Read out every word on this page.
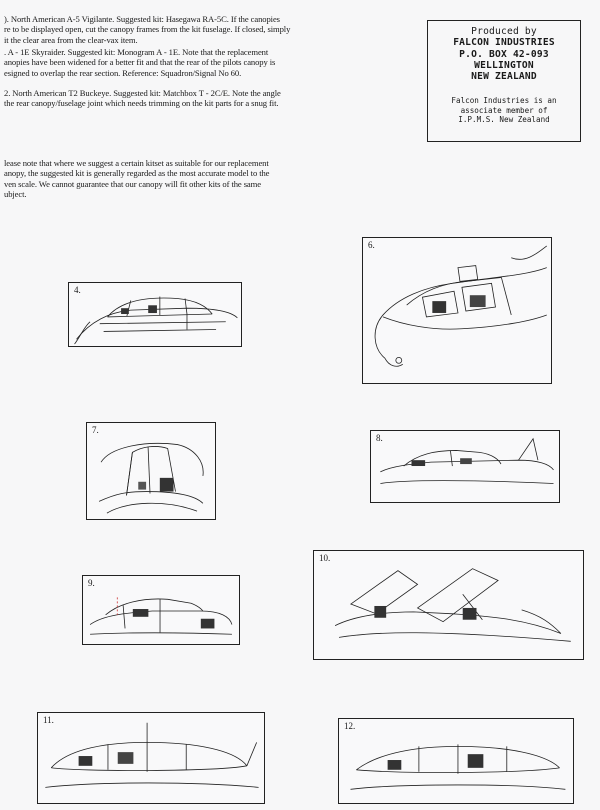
). North American A-5 Vigilante. Suggested kit: Hasegawa RA-5C. If the canopies
re to be displayed open, cut the canopy frames from the kit fuselage. If closed, simply
it the clear area from the clear-vax item.
. A - 1E Skyraider. Suggested kit: Monogram A - 1E. Note that the replacement
anopies have been widened for a better fit and that the rear of the pilots canopy is
esigned to overlap the rear section. Reference: Squadron/Signal No 60.
2. North American T2 Buckeye. Suggested kit: Matchbox T - 2C/E. Note the angle
the rear canopy/fuselage joint which needs trimming on the kit parts for a snug fit.
lease note that where we suggest a certain kitset as suitable for our replacement
anopy, the suggested kit is generally regarded as the most accurate model to the
ven scale. We cannot guarantee that our canopy will fit other kits of the same
ubject.
Produced by
FALCON INDUSTRIES
P.O. BOX 42-093
WELLINGTON
NEW ZEALAND
Falcon Industries is an
associate member of
I.P.M.S. New Zealand
4.
6.
7.
8.
9.
10.
11.
12.
